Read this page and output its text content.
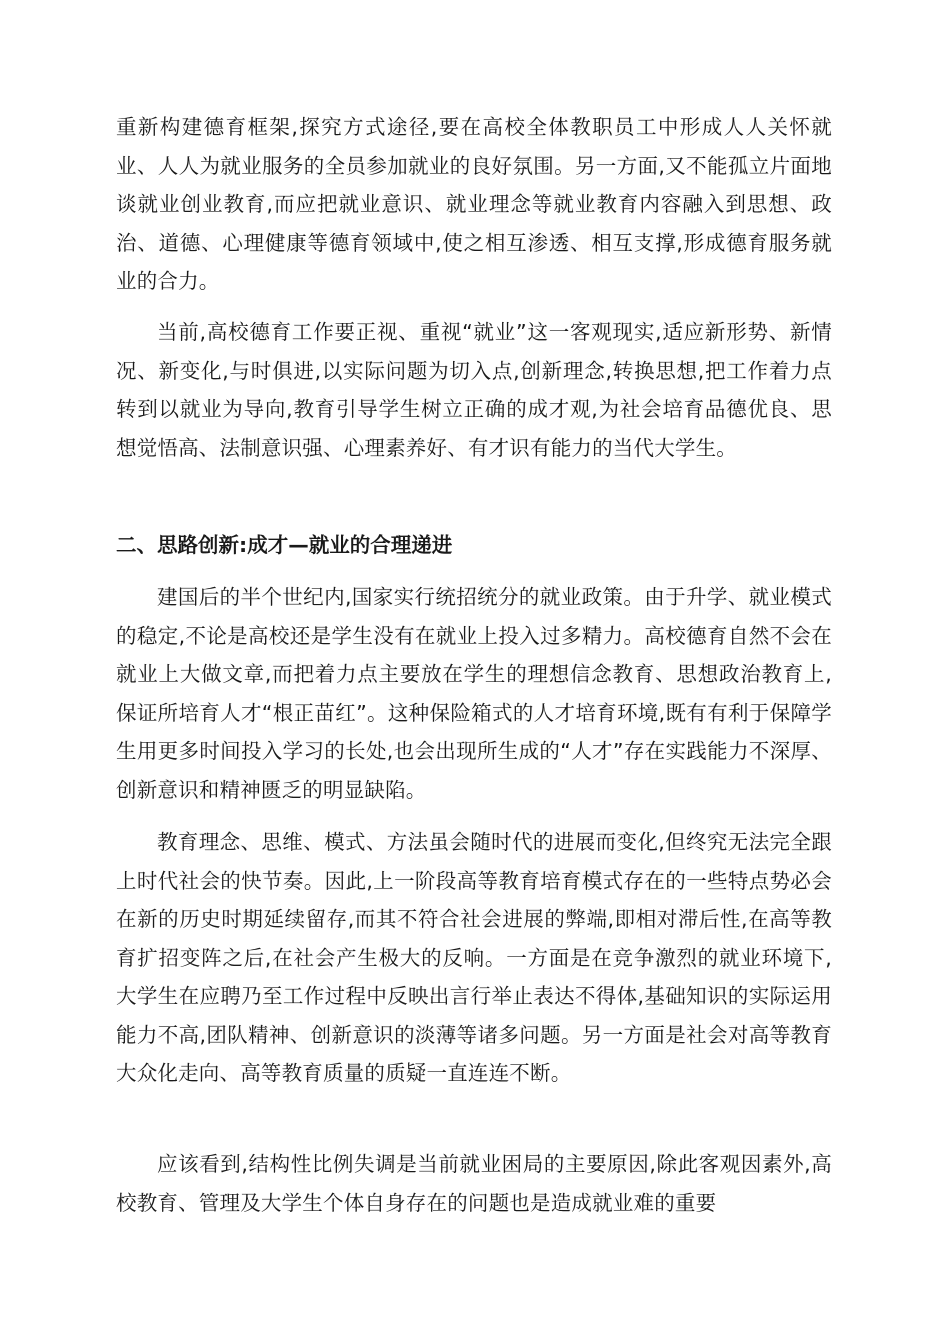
重新构建德育框架,探究方式途径,要在高校全体教职员工中形成人人关怀就业、人人为就业服务的全员参加就业的良好氛围。另一方面,又不能孤立片面地谈就业创业教育,而应把就业意识、就业理念等就业教育内容融入到思想、政治、道德、心理健康等德育领域中,使之相互渗透、相互支撑,形成德育服务就业的合力。

当前,高校德育工作要正视、重视“就业”这一客观现实,适应新形势、新情况、新变化,与时俱进,以实际问题为切入点,创新理念,转换思想,把工作着力点转到以就业为导向,教育引导学生树立正确的成才观,为社会培育品德优良、思想觉悟高、法制意识强、心理素养好、有才识有能力的当代大学生。

二、思路创新:成才—就业的合理递进

建国后的半个世纪内,国家实行统招统分的就业政策。由于升学、就业模式的稳定,不论是高校还是学生没有在就业上投入过多精力。高校德育自然不会在就业上大做文章,而把着力点主要放在学生的理想信念教育、思想政治教育上,保证所培育人才“根正苗红”。这种保险箱式的人才培育环境,既有有利于保障学生用更多时间投入学习的长处,也会出现所生成的“人才”存在实践能力不深厚、创新意识和精神匮乏的明显缺陷。

教育理念、思维、模式、方法虽会随时代的进展而变化,但终究无法完全跟上时代社会的快节奏。因此,上一阶段高等教育培育模式存在的一些特点势必会在新的历史时期延续留存,而其不符合社会进展的弊端,即相对滞后性,在高等教育扩招变阵之后,在社会产生极大的反响。一方面是在竞争激烈的就业环境下,大学生在应聘乃至工作过程中反映出言行举止表达不得体,基础知识的实际运用能力不高,团队精神、创新意识的淡薄等诸多问题。另一方面是社会对高等教育大众化走向、高等教育质量的质疑一直连连不断。

应该看到,结构性比例失调是当前就业困局的主要原因,除此客观因素外,高校教育、管理及大学生个体自身存在的问题也是造成就业难的重要
